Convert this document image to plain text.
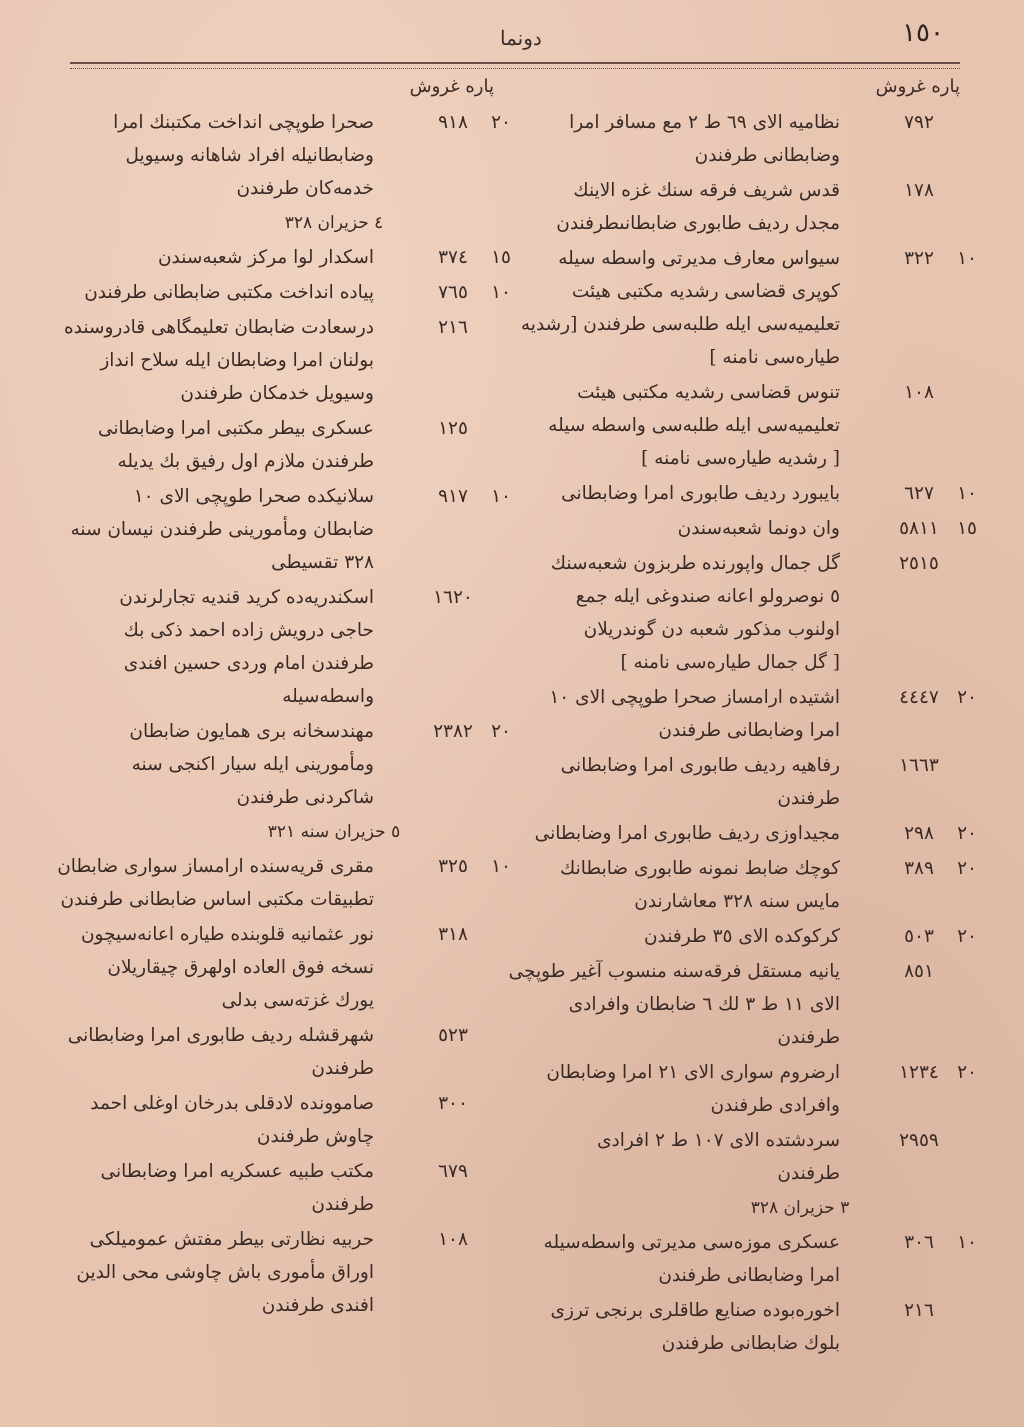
١٥٠
دونما
پاره غروش
٧٩٢
نظاميه الاى ٦٩ ط ٢ مع مسافر امرا
وضابطانى طرفندن
١٧٨
قدس شريف فرقه سنك غزه الاينك
مجدل رديف طابورى ضابطانىطرفندن
١٠٣٢٢
سيواس معارف مديرتى واسطه سيله
كوپرى قضاسى رشديه مكتبى هيئت
تعليميه‌سى ايله طلبه‌سى طرفندن [رشديه
طياره‌سى نامنه ]
١٠٨
تنوس قضاسى رشديه مكتبى هيئت
تعليميه‌سى ايله طلبه‌سى واسطه سيله
[ رشديه طياره‌سى نامنه ]
١٠٦٢٧
بايبورد رديف طابورى امرا وضابطانى
١٥٥٨١١
وان دونما شعبه‌سندن
٢٥١٥
گل جمال واپورنده طربزون شعبه‌سنك
٥ نوصرولو اعانه صندوغى ايله جمع
اولنوب مذكور شعبه دن گوندريلان
[ گل جمال طياره‌سى نامنه ]
٢٠٤٤٤٧
اشتيده ارامساز صحرا طوپچى الاى ١٠
امرا وضابطانى طرفندن
١٦٦٣
رفاهيه رديف طابورى امرا وضابطانى
طرفندن
٢٠٢٩٨
مجيداوزى رديف طابورى امرا وضابطانى
٢٠٣٨٩
كوچك ضابط نمونه طابورى ضابطانك
مايس سنه ٣٢٨ معاشارندن
٢٠٥٠٣
كركوكده الاى ٣٥ طرفندن
٨٥١
يانيه مستقل فرقه‌سنه منسوب آغير طوپچى
الاى ١١ ط ٣ لك ٦ ضابطان وافرادى
طرفندن
٢٠١٢٣٤
ارضروم سوارى الاى ٢١ امرا وضابطان
وافرادى طرفندن
٢٩٥٩
سردشتده الاى ١٠٧ ط ٢ افرادى
طرفندن
٣ حزيران ٣٢٨
١٠٣٠٦
عسكرى موزه‌سى مديرتى واسطه‌سيله
امرا وضابطانى طرفندن
٢١٦
اخوره‌بوده صنايع طاقلرى برنجى ترزى
بلوك ضابطانى طرفندن
پاره غروش
٢٠٩١٨
صحرا طوپچى انداخت مكتبنك امرا
وضابطانيله افراد شاهانه وسيويل
خدمه‌كان طرفندن
٤ حزيران ٣٢٨
١٥٣٧٤
اسكدار لوا مركز شعبه‌سندن
١٠٧٦٥
پياده انداخت مكتبى ضابطانى طرفندن
٢١٦
درسعادت ضابطان تعليمگاهى قادروسنده
بولنان امرا وضابطان ايله سلاح انداز
وسيويل خدمكان طرفندن
١٢٥
عسكرى بيطر مكتبى امرا وضابطانى
طرفندن ملازم اول رفيق بك يديله
١٠٩١٧
سلانيكده صحرا طوپچى الاى ١٠
ضابطان ومأمورينى طرفندن نيسان سنه
٣٢٨ تقسيطى
١٦٢٠
اسكندريه‌ده كريد قنديه تجارلرندن
حاجى درويش زاده احمد ذكى بك
طرفندن امام وردى حسين افندى
واسطه‌سيله
٢٠٢٣٨٢
مهندسخانه برى همايون ضابطان
ومأمورينى ايله سيار اكنجى سنه
شاكردنى طرفندن
٥ حزيران سنه ٣٢١
١٠٣٢٥
مقرى قريه‌سنده ارامساز سوارى ضابطان
تطبيقات مكتبى اساس ضابطانى طرفندن
٣١٨
نور عثمانيه قلوبنده طياره اعانه‌سيچون
نسخه فوق العاده اولهرق چيقاريلان
يورك غزته‌سى بدلى
٥٢٣
شهرقشله رديف طابورى امرا وضابطانى
طرفندن
٣٠٠
صاموونده لادقلى بدرخان اوغلى احمد
چاوش طرفندن
٦٧٩
مكتب طبيه عسكريه امرا وضابطانى
طرفندن
١٠٨
حربيه نظارتى بيطر مفتش عموميلكى
اوراق مأمورى باش چاوشى محى الدين
افندى طرفندن
